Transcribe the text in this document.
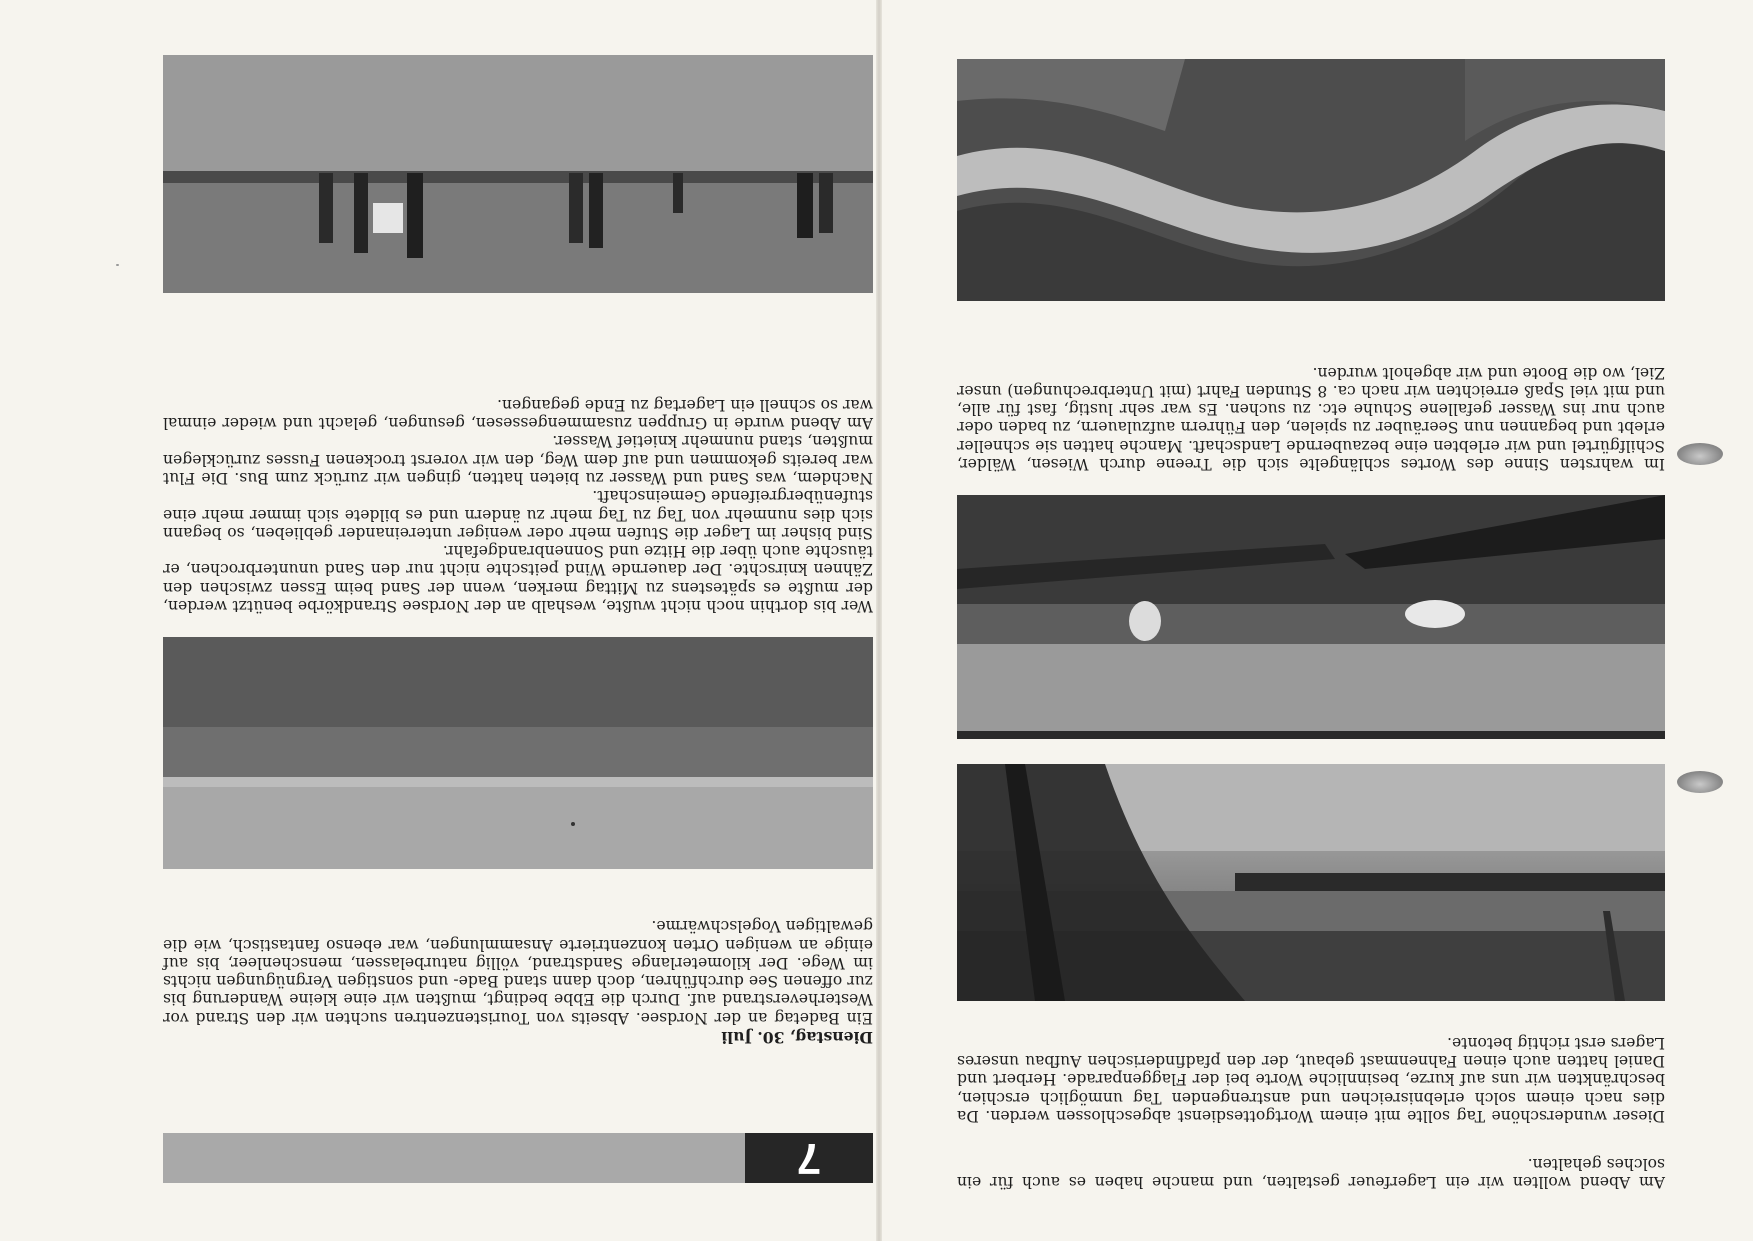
Am Abend wollten wir ein Lagerfeuer gestalten, und manche haben es auch für ein solches gehalten.

Dieser wunderschöne Tag sollte mit einem Wortgottesdienst abgeschlossen werden. Da dies nach einem solch erlebnisreichen und anstrengenden Tag unmöglich erschien, beschränkten wir uns auf kurze, besinnliche Worte bei der Flaggenparade. Herbert und Daniel hatten auch einen Fahnenmast gebaut, der den pfadfinderischen Aufbau unseres Lagers erst richtig betonte.

Im wahrsten Sinne des Wortes schlängelte sich die Treene durch Wiesen, Wälder, Schilfgürtel und wir erlebten eine bezaubernde Landschaft. Manche hatten sie schneller erlebt und begannen nun Seeräuber zu spielen, den Führern aufzulauern, zu baden oder auch nur ins Wasser gefallene Schuhe etc. zu suchen. Es war sehr lustig, fast für alle, und mit viel Spaß erreichten wir nach ca. 8 Stunden Fahrt (mit Unterbrechungen) unser Ziel, wo die Boote und wir abgeholt wurden.

7
Dienstag, 30. Juli

Ein Badetag an der Nordsee. Abseits von Touristenzentren suchten wir den Strand vor Westerheverstrand auf. Durch die Ebbe bedingt, mußten wir eine kleine Wanderung bis zur offenen See durchführen, doch dann stand Bade- und sonstigen Vergnügungen nichts im Wege. Der kilometerlange Sandstrand, völlig naturbelassen, menschenleer, bis auf einige an wenigen Orten konzentrierte Ansammlungen, war ebenso fantastisch, wie die gewaltigen Vogelschwärme.

Wer bis dorthin noch nicht wußte, weshalb an der Nordsee Strandkörbe benützt werden, der mußte es spätestens zu Mittag merken, wenn der Sand beim Essen zwischen den Zähnen knirschte. Der dauernde Wind peitschte nicht nur den Sand ununterbrochen, er täuschte auch über die Hitze und Sonnenbrandgefahr.

Sind bisher im Lager die Stufen mehr oder weniger untereinander geblieben, so begann sich dies nunmehr von Tag zu Tag mehr zu ändern und es bildete sich immer mehr eine stufenübergreifende Gemeinschaft.

Nachdem, was Sand und Wasser zu bieten hatten, gingen wir zurück zum Bus. Die Flut war bereits gekommen und auf dem Weg, den wir vorerst trockenen Fusses zurücklegen mußten, stand nunmehr knietief Wasser.

Am Abend wurde in Gruppen zusammengessesen, gesungen, gelacht und wieder einmal war so schnell ein Lagertag zu Ende gegangen.
